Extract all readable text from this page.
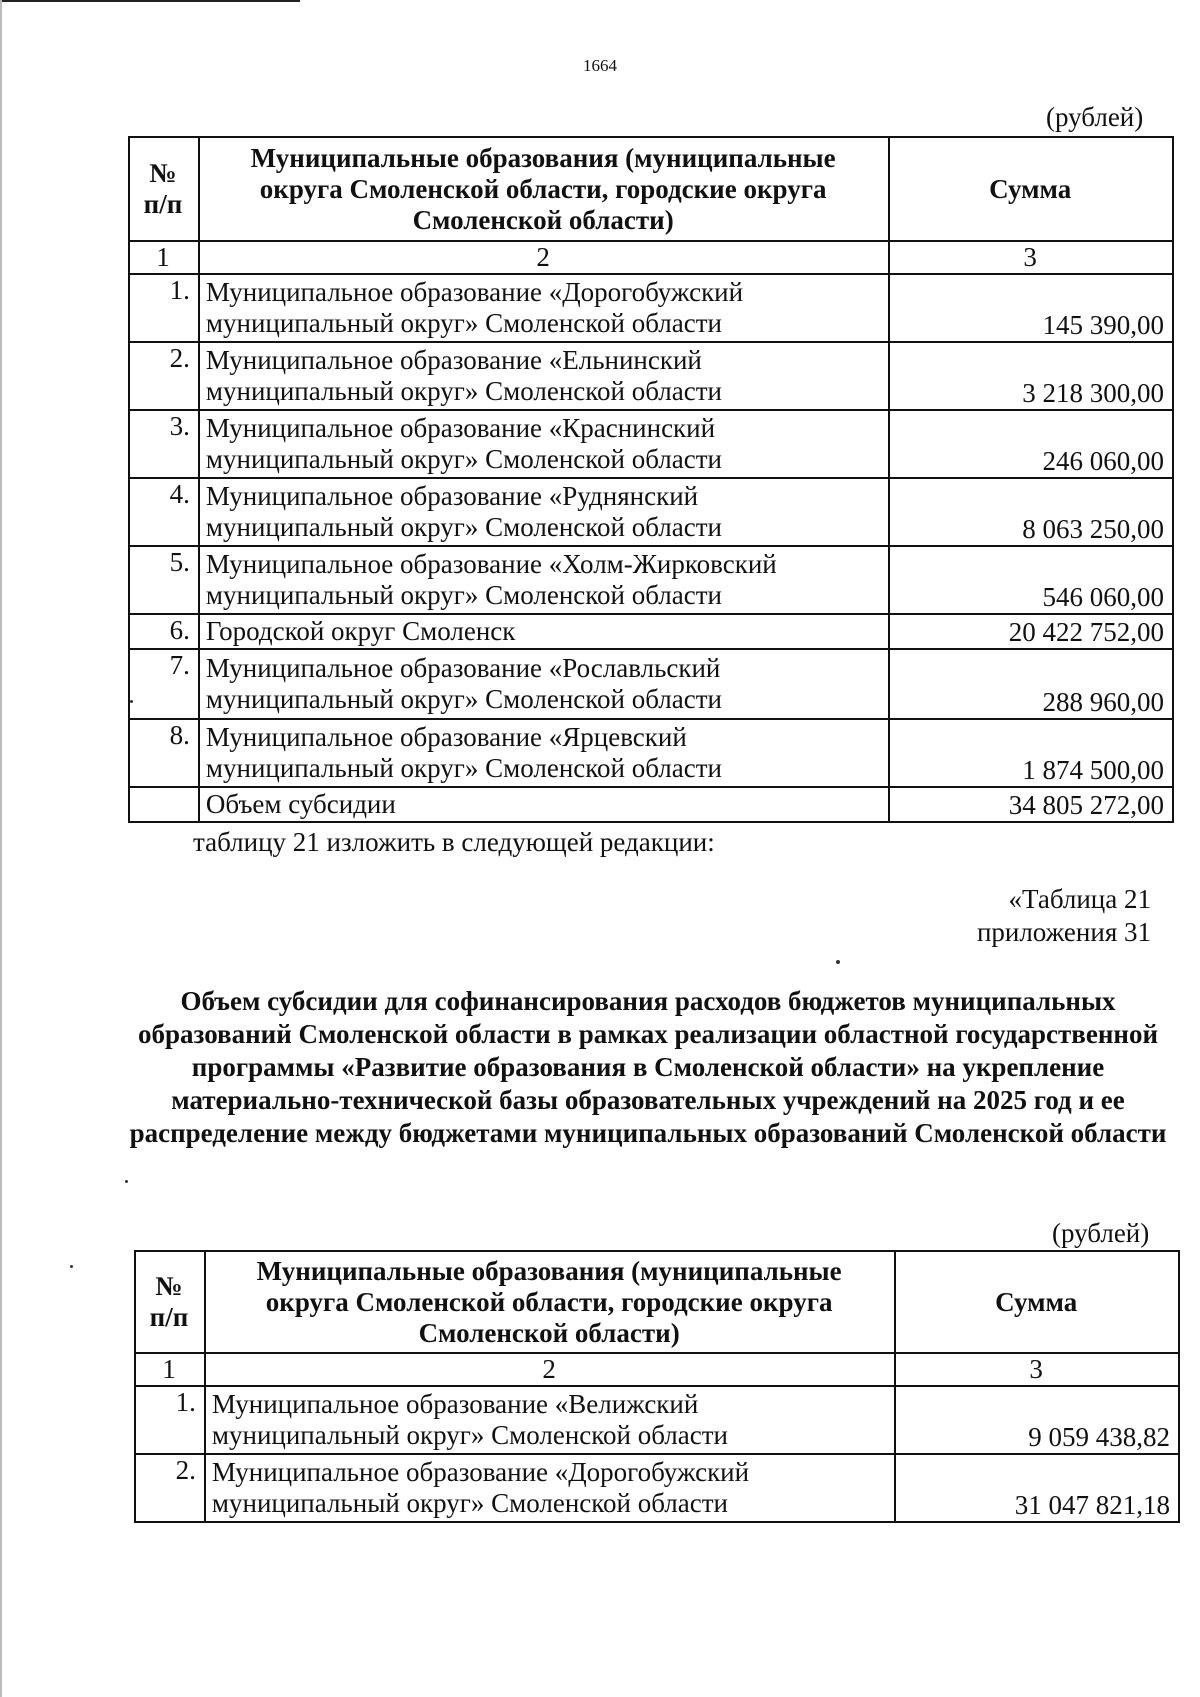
1664
(рублей)
№ п/п	Муниципальные образования (муниципальные округа Смоленской области, городские округа Смоленской области)	Сумма
1	2	3
1.	Муниципальное образование «Дорогобужский муниципальный округ» Смоленской области	145 390,00
2.	Муниципальное образование «Ельнинский муниципальный округ» Смоленской области	3 218 300,00
3.	Муниципальное образование «Краснинский муниципальный округ» Смоленской области	246 060,00
4.	Муниципальное образование «Руднянский муниципальный округ» Смоленской области	8 063 250,00
5.	Муниципальное образование «Холм-Жирковский муниципальный округ» Смоленской области	546 060,00
6.	Городской округ Смоленск	20 422 752,00
7.	Муниципальное образование «Рославльский муниципальный округ» Смоленской области	288 960,00
8.	Муниципальное образование «Ярцевский муниципальный округ» Смоленской области	1 874 500,00
	Объем субсидии	34 805 272,00
таблицу 21 изложить в следующей редакции:
«Таблица 21
приложения 31
Объем субсидии для софинансирования расходов бюджетов муниципальных образований Смоленской области в рамках реализации областной государственной программы «Развитие образования в Смоленской области» на укрепление материально-технической базы образовательных учреждений на 2025 год и ее распределение между бюджетами муниципальных образований Смоленской области
(рублей)
№ п/п	Муниципальные образования (муниципальные округа Смоленской области, городские округа Смоленской области)	Сумма
1	2	3
1.	Муниципальное образование «Велижский муниципальный округ» Смоленской области	9 059 438,82
2.	Муниципальное образование «Дорогобужский муниципальный округ» Смоленской области	31 047 821,18
